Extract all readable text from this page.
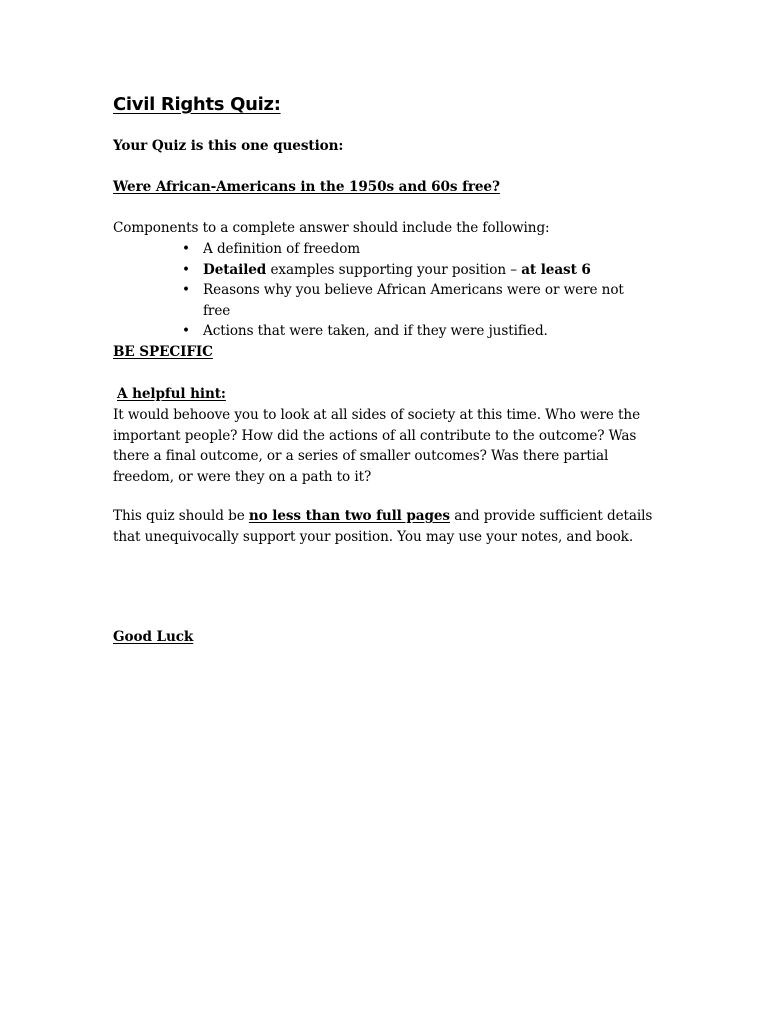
Civil Rights Quiz:
Your Quiz is this one question:
Were African-Americans in the 1950s and 60s free?
Components to a complete answer should include the following:
• A definition of freedom
• Detailed examples supporting your position – at least 6
• Reasons why you believe African Americans were or were not free
• Actions that were taken, and if they were justified.
BE SPECIFIC
A helpful hint:
It would behoove you to look at all sides of society at this time. Who were the important people? How did the actions of all contribute to the outcome? Was there a final outcome, or a series of smaller outcomes? Was there partial freedom, or were they on a path to it?
This quiz should be no less than two full pages and provide sufficient details that unequivocally support your position. You may use your notes, and book.
Good Luck
